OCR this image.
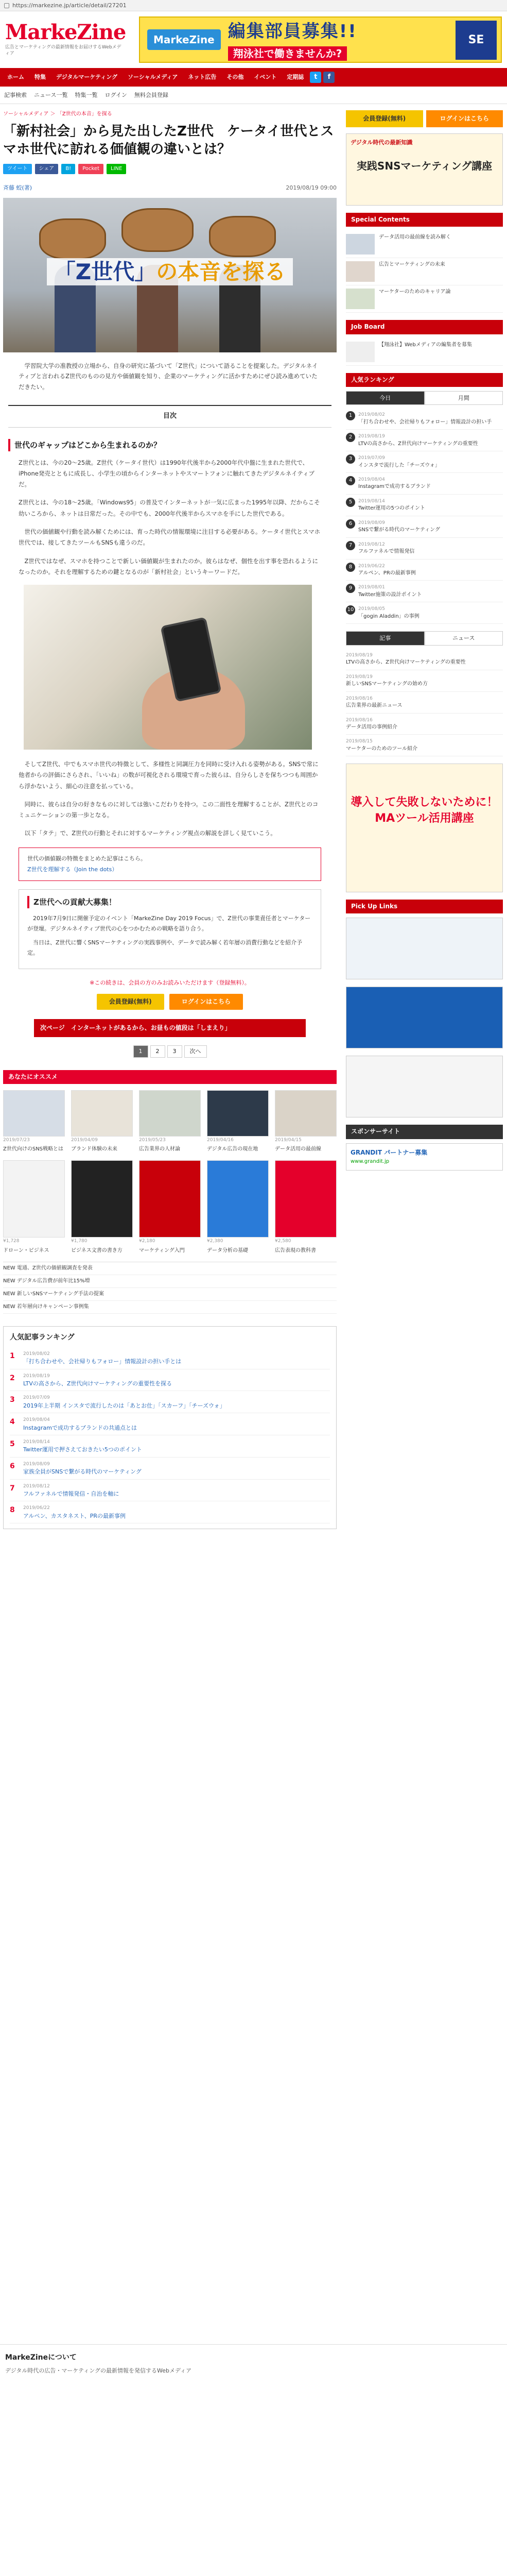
https://markezine.jp/article/detail/27201
MarkeZine
広告とマーケティングの最新情報をお届けするWebメディア
MarkeZine 編集部員募集!!
翔泳社で働きませんか?
SE
ホーム	特集	デジタルマーケティング	ソーシャルメディア	ネット広告	その他	イベント	定期誌	t	f
記事検索 ニュース一覧 特集一覧 ログイン 無料会員登録
ソーシャルメディア ＞ 「Z世代の本音」を探る
「新村社会」から見た出したZ世代　ケータイ世代とスマホ世代に訪れる価値観の違いとは？
ツイート	シェア	B!	Pocket	LINE
斉藤 蛟(著)	2019/08/19 09:00
「Z世代」の本音を探る

　学習院大学の准教授の立場から、自身の研究に基づいて「Z世代」について語ることを提案した。デジタルネイティブと言われるZ世代のものの見方や価値観を知り、企業のマーケティングに活かすためにぜひ読み進めていただきたい。

目次
世代のギャップはどこから生まれるのか？

Z世代とは、今の20～25歳。Z世代（ケータイ世代）は1990年代後半から2000年代中盤に生まれた世代で、iPhone発売とともに成長し、小学生の頃からインターネットやスマートフォンに触れてきたデジタルネイティブだ。

Z世代とは、今の18～25歳。「Windows95」の普及でインターネットが一気に広まった1995年以降、だからこそ幼いころから、ネットは日常だった。その中でも、2000年代後半からスマホを手にした世代である。

　世代の価値観や行動を読み解くためには、育った時代の情報環境に注目する必要がある。ケータイ世代とスマホ世代では、接してきたツールもSNSも違うのだ。

　Z世代ではなぜ、スマホを持つことで新しい価値観が生まれたのか。彼らはなぜ、個性を出す事を恐れるようになったのか。それを理解するための鍵となるのが「新村社会」というキーワードだ。

　そしてZ世代、中でもスマホ世代の特徴として、多様性と同調圧力を同時に受け入れる姿勢がある。SNSで常に他者からの評価にさらされ、「いいね」の数が可視化される環境で育った彼らは、自分らしさを保ちつつも周囲から浮かないよう、細心の注意を払っている。

　同時に、彼らは自分の好きなものに対しては強いこだわりを持つ。この二面性を理解することが、Z世代とのコミュニケーションの第一歩となる。

　以下「タテ」で、Z世代の行動とそれに対するマーケティング視点の解説を詳しく見ていこう。

世代の価値観の特徴をまとめた記事はこちら。
Z世代を理解する（Join the dots）
Z世代への貢献大募集！

　2019年7月9日に開催予定のイベント「MarkeZine Day 2019 Focus」で、Z世代の事業責任者とマーケターが登壇。デジタルネイティブ世代の心をつかむための戦略を語り合う。

　当日は、Z世代に響くSNSマーケティングの実践事例や、データで読み解く若年層の消費行動などを紹介予定。

※この続きは、会員の方のみお読みいただけます（登録無料）。
会員登録(無料)	ログインはこちら
次ページ　インターネットがあるから、お昼もの値段は「しまえり」
1	2	3	次へ
あなたにオススメ
2019/07/23
Z世代向けのSNS戦略とは
2019/04/09
ブランド体験の未来
2019/05/23
広告業界の人材論
2019/04/16
デジタル広告の現在地
2019/04/15
データ活用の最前線
¥1,728
ドローン・ビジネス
¥1,780
ビジネス文書の書き方
¥2,180
マーケティング入門
¥2,380
データ分析の基礎
¥2,580
広告表現の教科書
NEW 電通、Z世代の価値観調査を発表
NEW デジタル広告費が前年比15%増
NEW 新しいSNSマーケティング手法の提案
NEW 若年層向けキャンペーン事例集
人気記事ランキング
1	2019/08/02
「打ち合わせや、会社帰りもフォロー」情報設計の担い手とは
2	2019/08/19
LTVの高さから、Z世代向けマーケティングの重要性を探る
3	2019/07/09
2019年上半期 インスタで流行したのは「あとお仕」「スカーフ」「チーズウォ」
4	2019/08/04
Instagramで成功するブランドの共通点とは
5	2019/08/14
Twitter運用で押さえておきたい5つのポイント
6	2019/08/09
家族全員がSNSで繋がる時代のマーケティング
7	2019/08/12
フルファネルで情報発信・自治を軸に
8	2019/06/22
アルペン、カスタネスト、PRの最新事例
会員登録(無料)	ログインはこちら
デジタル時代の最新知識
実践SNSマーケティング講座
Special Contents
データ活用の最前線を読み解く
広告とマーケティングの未来
マーケターのためのキャリア論
Job Board
【翔泳社】Webメディアの編集者を募集
人気ランキング
今日	月間
1	2019/08/02
「打ち合わせや、会社帰りもフォロー」情報設計の担い手
2	2019/08/19
LTVの高さから、Z世代向けマーケティングの重要性
3	2019/07/09
インスタで流行した「チーズウォ」
4	2019/08/04
Instagramで成功するブランド
5	2019/08/14
Twitter運用の5つのポイント
6	2019/08/09
SNSで繋がる時代のマーケティング
7	2019/08/12
フルファネルで情報発信
8	2019/06/22
アルペン、PRの最新事例
9	2019/08/01
Twitter施策の設計ポイント
10 2019/08/05
「gogin Aladdin」の事例
記事	ニュース
2019/08/19
LTVの高さから、Z世代向けマーケティングの重要性
2019/08/19
新しいSNSマーケティングの始め方
2019/08/16
広告業界の最新ニュース
2019/08/16
データ活用の事例紹介
2019/08/15
マーケターのためのツール紹介
導入して失敗しないために！MAツール活用講座
Pick Up Links
スポンサーサイト
GRANDIT パートナー募集
www.grandit.jp
MarkeZineについて
デジタル時代の広告・マーケティングの最新情報を発信するWebメディア
